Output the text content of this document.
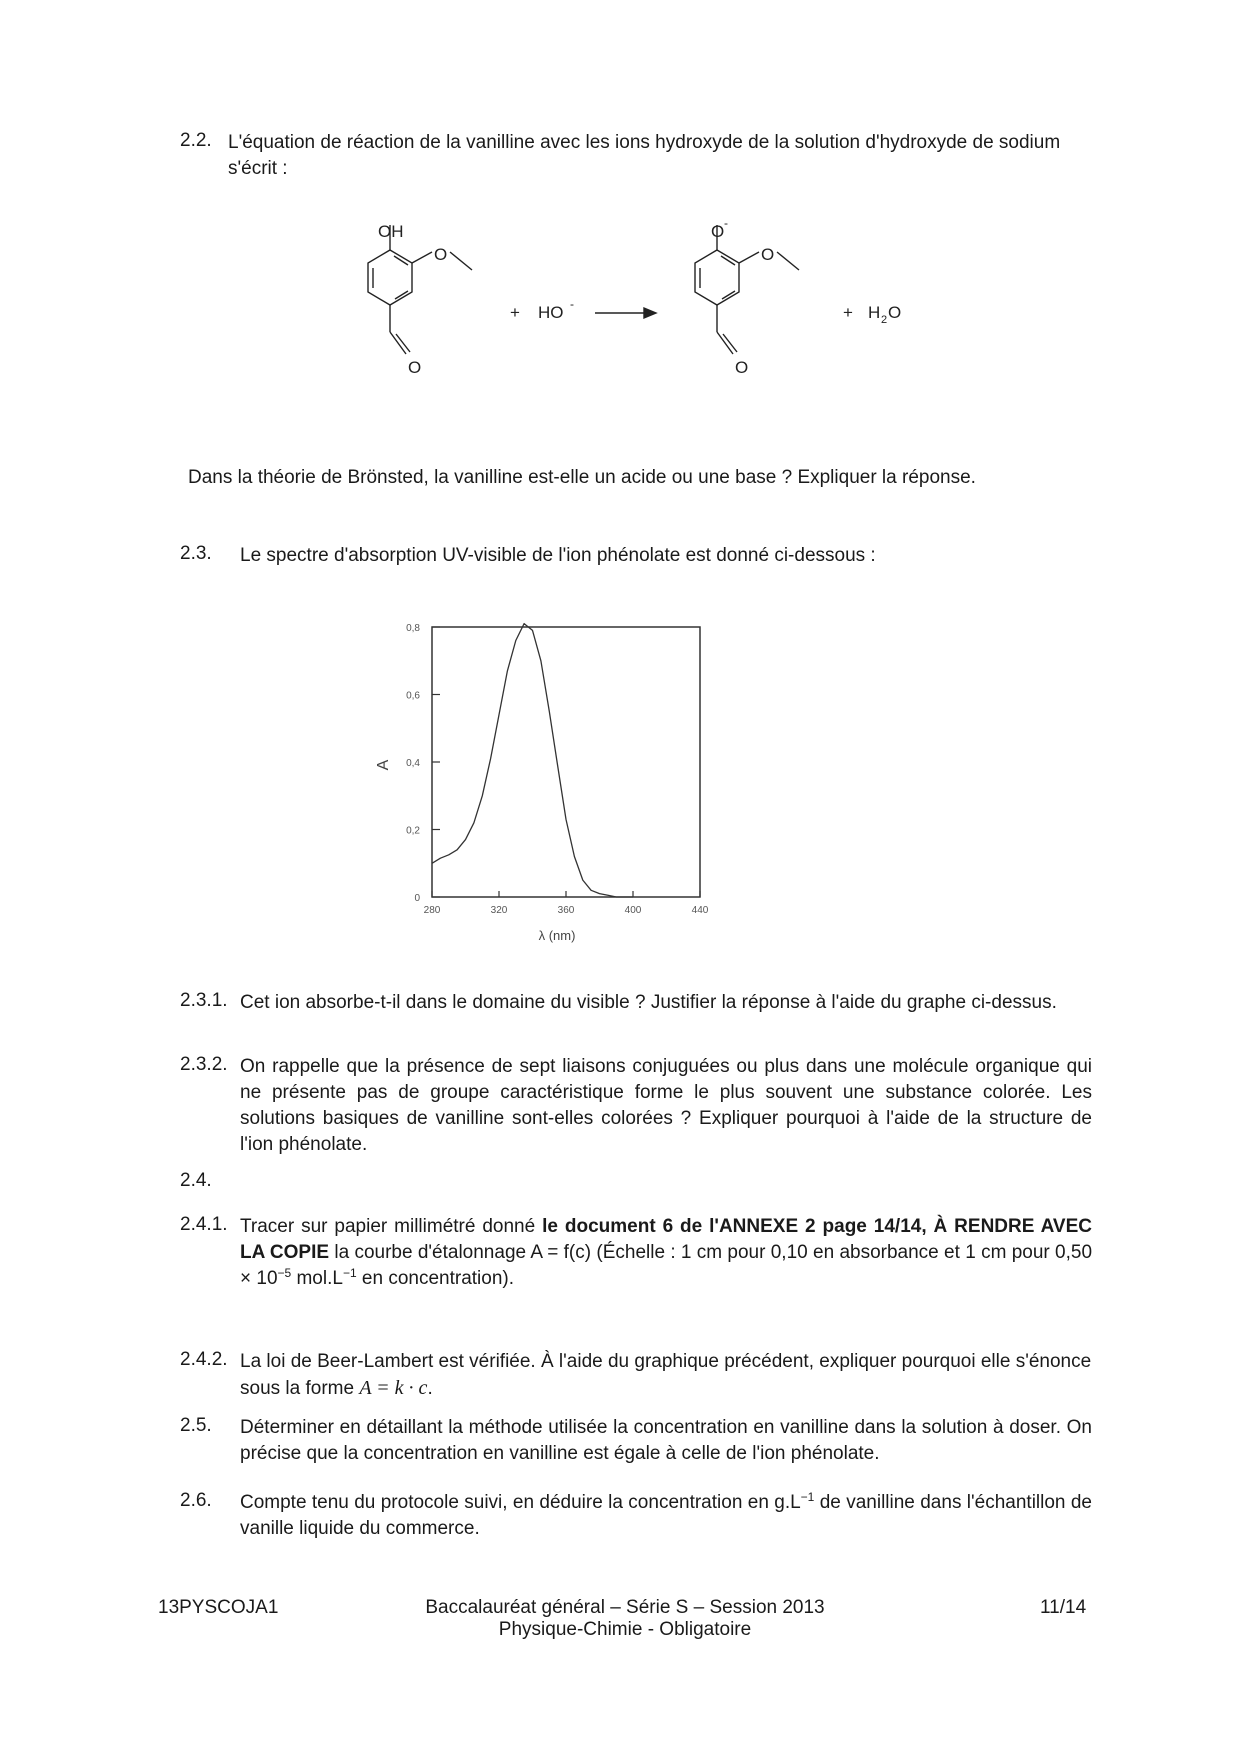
2.2. L'équation de réaction de la vanilline avec les ions hydroxyde de la solution d'hydroxyde de sodium s'écrit :
OH
O
O
+ HO -
O -
O
O
+ H 2 O
Dans la théorie de Brönsted, la vanilline est-elle un acide ou une base ? Expliquer la réponse.
2.3. Le spectre d'absorption UV-visible de l'ion phénolate est donné ci-dessous :
280	320	360	400	440
0
0,2
0,4
0,6
0,8
A
λ (nm)
2.3.1. Cet ion absorbe-t-il dans le domaine du visible ? Justifier la réponse à l'aide du graphe ci-dessus.
2.3.2. On rappelle que la présence de sept liaisons conjuguées ou plus dans une molécule organique qui ne présente pas de groupe caractéristique forme le plus souvent une substance colorée. Les solutions basiques de vanilline sont-elles colorées ? Expliquer pourquoi à l'aide de la structure de l'ion phénolate.
2.4.
2.4.1. Tracer sur papier millimétré donné le document 6 de l'ANNEXE 2 page 14/14, À RENDRE AVEC LA COPIE la courbe d'étalonnage A = f(c) (Échelle : 1 cm pour 0,10 en absorbance et 1 cm pour $0,50 \times 10^{-5}$ $mol.L^{-1}$ en concentration).
2.4.2. La loi de Beer-Lambert est vérifiée. À l'aide du graphique précédent, expliquer pourquoi elle s'énonce sous la forme A = k · c.
2.5. Déterminer en détaillant la méthode utilisée la concentration en vanilline dans la solution à doser. On précise que la concentration en vanilline est égale à celle de l'ion phénolate.
2.6. Compte tenu du protocole suivi, en déduire la concentration en $g.L^{-1}$ de vanilline dans l'échantillon de vanille liquide du commerce.
13PYSCOJA1	Baccalauréat général – Série S – Session 2013
Physique-Chimie - Obligatoire
11/14
